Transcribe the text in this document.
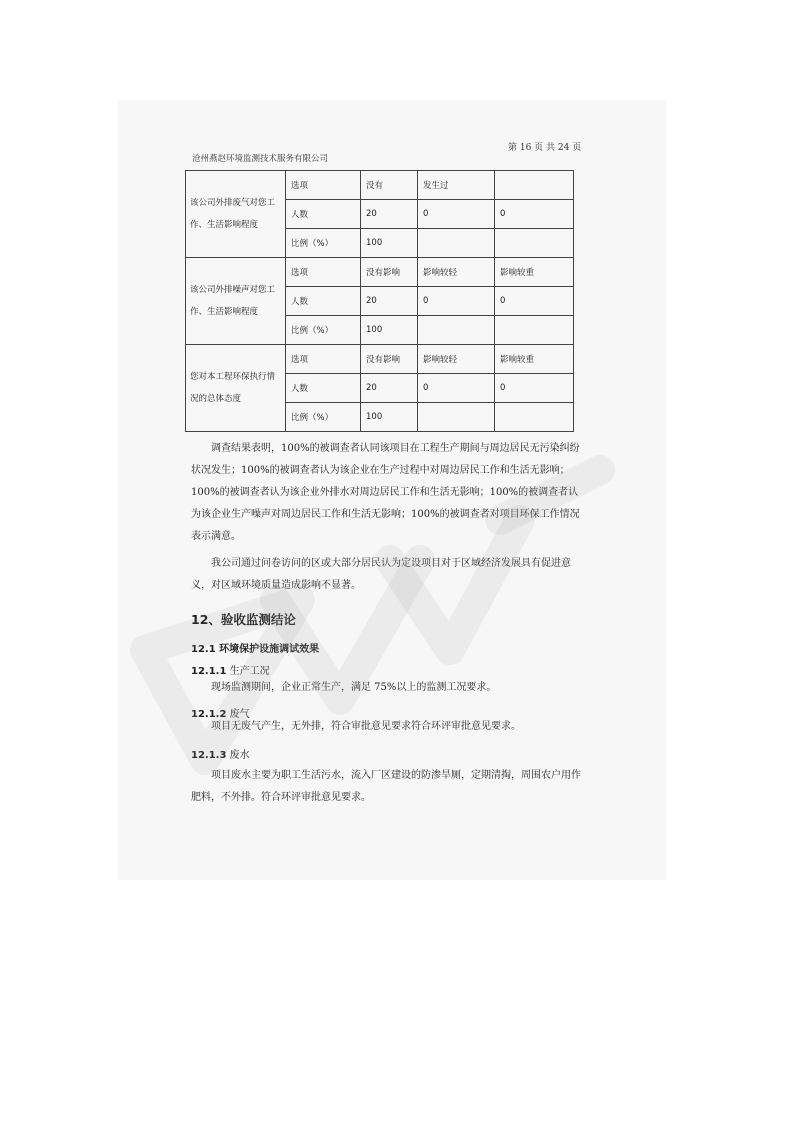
第 16 页 共 24 页
沧州燕赵环境监测技术服务有限公司
该公司外排废气对您工作、生活影响程度	选项	没有	发生过	
	人数	20	0	0
	比例（%）	100		
该公司外排噪声对您工作、生活影响程度	选项	没有影响	影响较轻	影响较重
	人数	20	0	0
	比例（%）	100		
您对本工程环保执行情况的总体态度	选项	没有影响	影响较轻	影响较重
	人数	20	0	0
	比例（%）	100		
调查结果表明，100%的被调查者认同该项目在工程生产期间与周边居民无污染纠纷状况发生；100%的被调查者认为该企业在生产过程中对周边居民工作和生活无影响；100%的被调查者认为该企业外排水对周边居民工作和生活无影响；100%的被调查者认为该企业生产噪声对周边居民工作和生活无影响；100%的被调查者对项目环保工作情况表示满意。
我公司通过问卷访问的区或大部分居民认为定设项目对于区域经济发展具有促进意义，对区域环境质量造成影响不显著。
12、验收监测结论
12.1 环境保护设施调试效果
12.1.1 生产工况
现场监测期间，企业正常生产，满足 75%以上的监测工况要求。
12.1.2 废气
项目无废气产生，无外排，符合审批意见要求符合环评审批意见要求。
12.1.3 废水
项目废水主要为职工生活污水，流入厂区建设的防渗旱厕，定期清掏，周围农户用作肥料，不外排。符合环评审批意见要求。
